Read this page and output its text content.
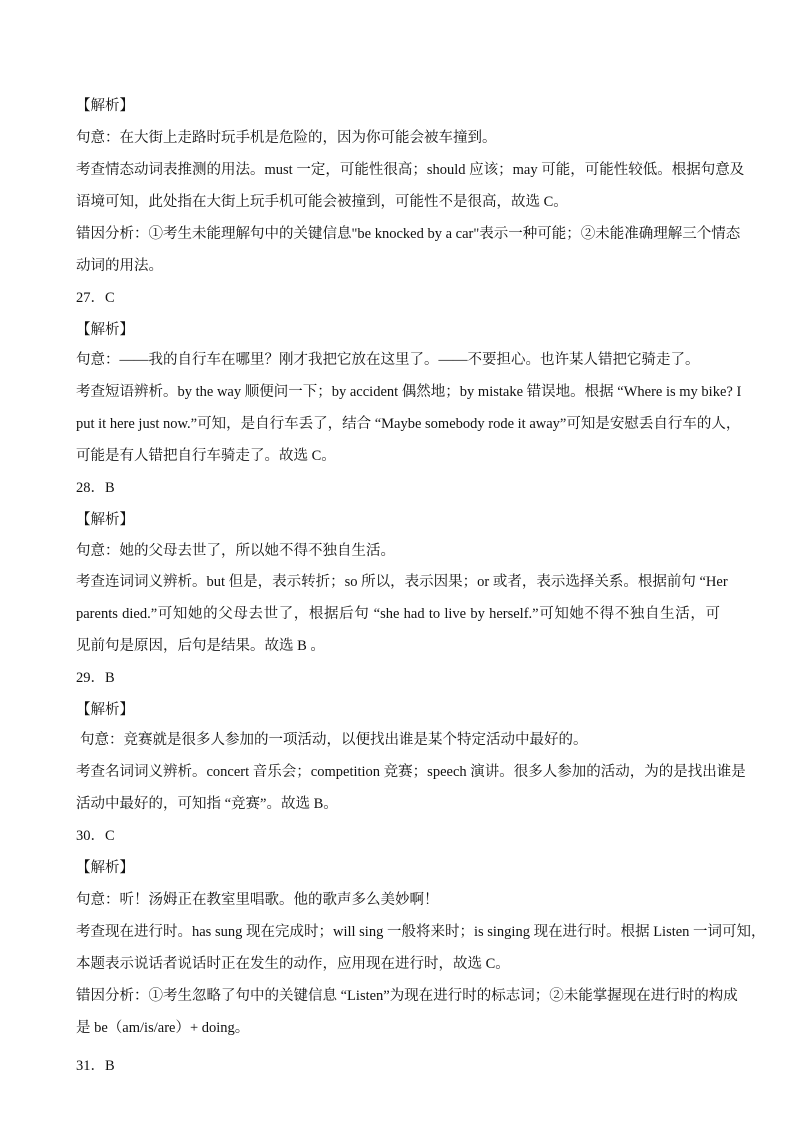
【解析】
句意：在大街上走路时玩手机是危险的，因为你可能会被车撞到。
考查情态动词表推测的用法。must 一定，可能性很高；should 应该；may 可能，可能性较低。根据句意及
语境可知，此处指在大街上玩手机可能会被撞到，可能性不是很高，故选 C。
错因分析：①考生未能理解句中的关键信息"be knocked by a car"表示一种可能；②未能准确理解三个情态
动词的用法。
27．C
【解析】
句意：——我的自行车在哪里？刚才我把它放在这里了。——不要担心。也许某人错把它骑走了。
考查短语辨析。by the way 顺便问一下；by accident 偶然地；by mistake 错误地。根据 “Where is my bike? I
put it here just now.”可知，是自行车丢了，结合 “Maybe somebody rode it away”可知是安慰丢自行车的人，
可能是有人错把自行车骑走了。故选 C。
28．B
【解析】
句意：她的父母去世了，所以她不得不独自生活。
考查连词词义辨析。but 但是，表示转折；so 所以，表示因果；or 或者，表示选择关系。根据前句 “Her
parents died.”可知她的父母去世了，根据后句 “she had to live by herself.”可知她不得不独自生活，可
见前句是原因，后句是结果。故选 B 。
29．B
【解析】
句意：竞赛就是很多人参加的一项活动，以便找出谁是某个特定活动中最好的。
考查名词词义辨析。concert 音乐会；competition 竞赛；speech 演讲。很多人参加的活动，为的是找出谁是
活动中最好的，可知指 “竞赛”。故选 B。
30．C
【解析】
句意：听！汤姆正在教室里唱歌。他的歌声多么美妙啊！
考查现在进行时。has sung 现在完成时；will sing 一般将来时；is singing 现在进行时。根据 Listen 一词可知，
本题表示说话者说话时正在发生的动作，应用现在进行时，故选 C。
错因分析：①考生忽略了句中的关键信息 “Listen”为现在进行时的标志词；②未能掌握现在进行时的构成
是 be（am/is/are）+ doing。
31．B
